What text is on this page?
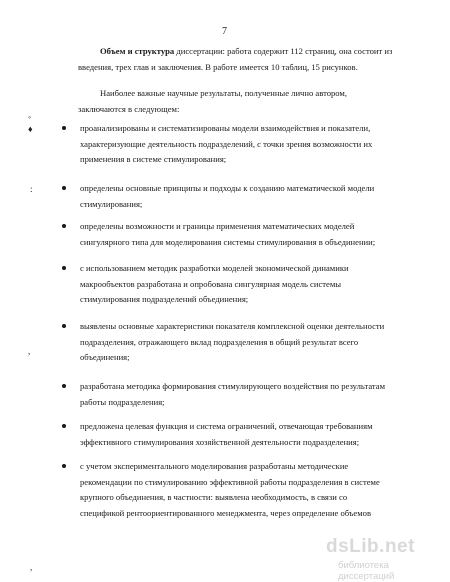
7
Объем и структура диссертации: работа содержит 112 страниц, она состоит из
введения, трех глав и заключения. В работе имеется 10 таблиц, 15 рисунков.
Наиболее важные научные результаты, полученные лично автором,
заключаются в следующем:
◦
♦
:
,
,
проанализированы и систематизированы модели взаимодействия и показатели,
характеризующие деятельность подразделений, с точки зрения возможности их
применения в системе стимулирования;
определены основные принципы и подходы к созданию математической модели
стимулирования;
определены возможности и границы применения математических моделей
сингулярного типа для моделирования системы стимулирования в объединении;
с использованием методик разработки моделей экономической динамики
макрообъектов разработана и опробована сингулярная модель системы
стимулирования подразделений объединения;
выявлены основные характеристики показателя комплексной оценки деятельности
подразделения, отражающего вклад подразделения в общий результат всего
объединения;
разработана методика формирования стимулирующего воздействия по результатам
работы подразделения;
предложена целевая функция и система ограничений, отвечающая требованиям
эффективного стимулирования хозяйственной деятельности подразделения;
с учетом экспериментального моделирования разработаны методические
рекомендации по стимулированию эффективной работы подразделения в системе
крупного объединения, в частности: выявлена необходимость, в связи со
спецификой рентоориентированного менеджмента, через определение объемов
dsLib.net
библиотека диссертаций
